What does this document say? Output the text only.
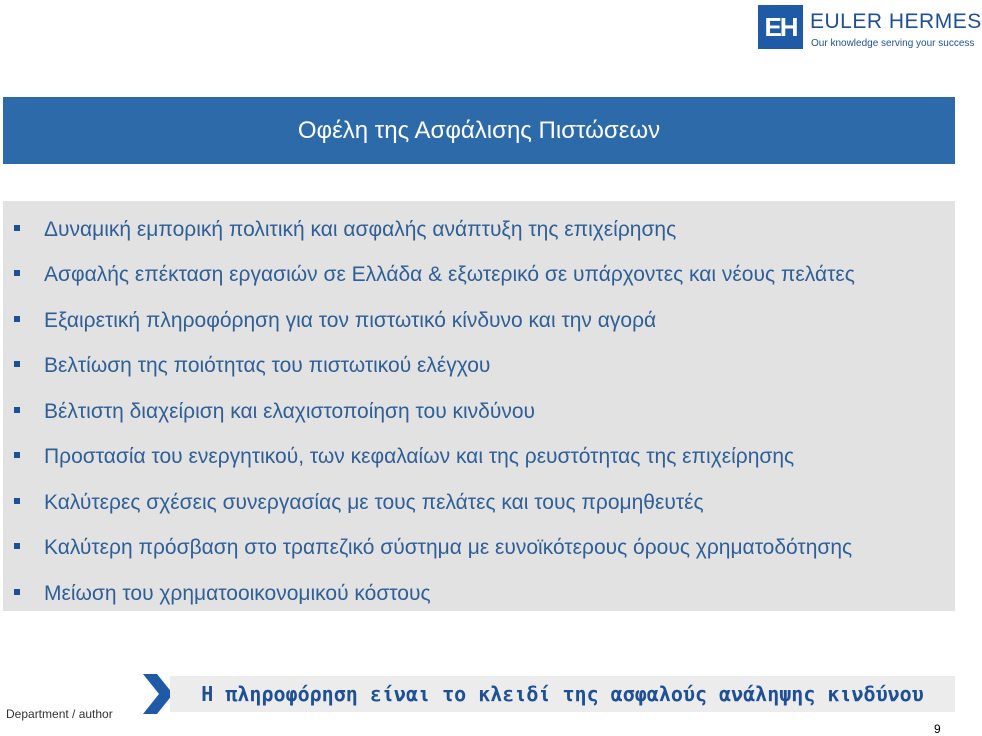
EH EULER HERMES
Our knowledge serving your success
Οφέλη της Ασφάλισης Πιστώσεων
Δυναμική εμπορική πολιτική και ασφαλής ανάπτυξη της επιχείρησης
Ασφαλής επέκταση εργασιών σε Ελλάδα & εξωτερικό σε υπάρχοντες και νέους πελάτες
Εξαιρετική πληροφόρηση για τον πιστωτικό κίνδυνο και την αγορά
Βελτίωση της ποιότητας του πιστωτικού ελέγχου
Βέλτιστη διαχείριση και ελαχιστοποίηση του κινδύνου
Προστασία του ενεργητικού, των κεφαλαίων και της ρευστότητας της επιχείρησης
Καλύτερες σχέσεις συνεργασίας με τους πελάτες και τους προμηθευτές
Καλύτερη πρόσβαση στο τραπεζικό σύστημα με ευνοϊκότερους όρους χρηματοδότησης
Μείωση του χρηματοοικονομικού κόστους
Department / author
Η πληροφόρηση είναι το κλειδί της ασφαλούς ανάληψης κινδύνου
9
